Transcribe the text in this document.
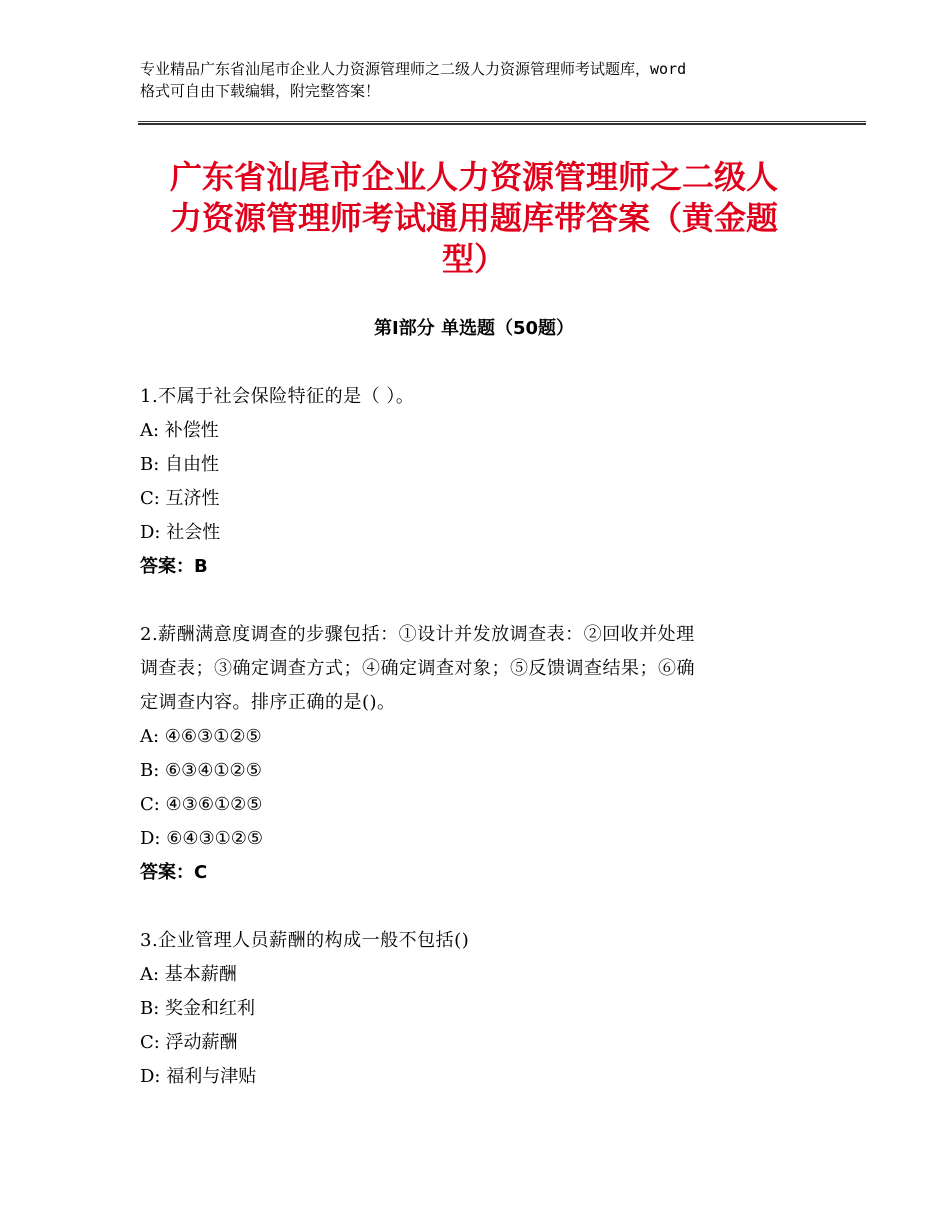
专业精品广东省汕尾市企业人力资源管理师之二级人力资源管理师考试题库，word
格式可自由下载编辑，附完整答案！
广东省汕尾市企业人力资源管理师之二级人
力资源管理师考试通用题库带答案（黄金题
型）
第Ⅰ部分 单选题（50题）

1.不属于社会保险特征的是（ ）。

A: 补偿性

B: 自由性

C: 互济性

D: 社会性

答案：B

2.薪酬满意度调查的步骤包括：①设计并发放调查表：②回收并处理

调查表；③确定调查方式；④确定调查对象；⑤反馈调查结果；⑥确

定调查内容。排序正确的是()。

A: ④⑥③①②⑤

B: ⑥③④①②⑤

C: ④③⑥①②⑤

D: ⑥④③①②⑤

答案：C

3.企业管理人员薪酬的构成一般不包括()

A: 基本薪酬

B: 奖金和红利

C: 浮动薪酬

D: 福利与津贴
